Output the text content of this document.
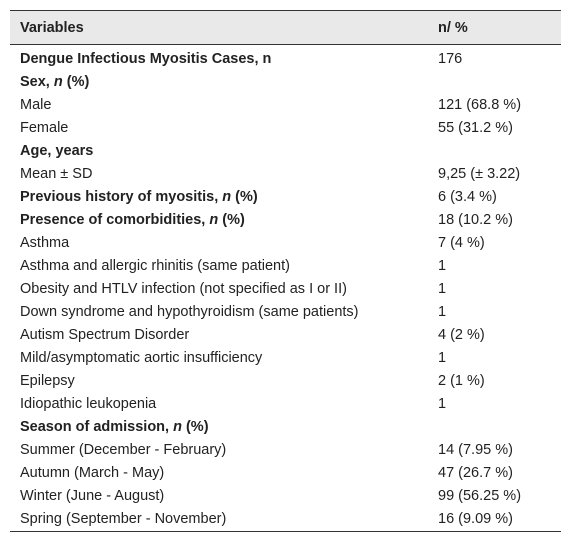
Variables	n/ %
Dengue Infectious Myositis Cases, n	176
Sex, n (%)
Male	121 (68.8 %)
Female	55 (31.2 %)
Age, years
Mean ± SD	9,25 (± 3.22)
Previous history of myositis, n (%)	6 (3.4 %)
Presence of comorbidities, n (%)	18 (10.2 %)
Asthma	7 (4 %)
Asthma and allergic rhinitis (same patient)	1
Obesity and HTLV infection (not specified as I or II)	1
Down syndrome and hypothyroidism (same patients)	1
Autism Spectrum Disorder	4 (2 %)
Mild/asymptomatic aortic insufficiency	1
Epilepsy	2 (1 %)
Idiopathic leukopenia	1
Season of admission, n (%)
Summer (December - February)	14 (7.95 %)
Autumn (March - May)	47 (26.7 %)
Winter (June - August)	99 (56.25 %)
Spring (September - November)	16 (9.09 %)
